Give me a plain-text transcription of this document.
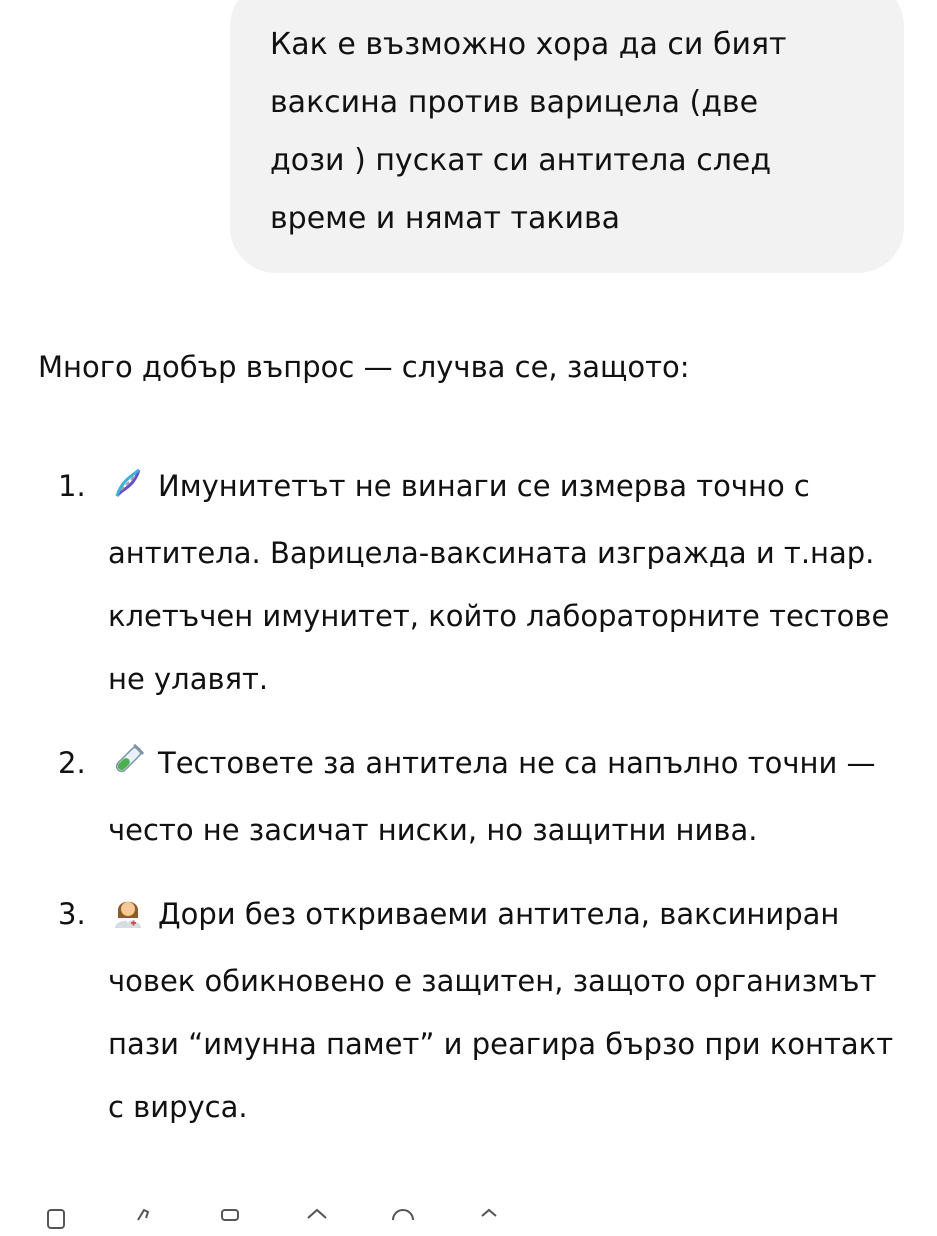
Как е възможно хора да си бият
ваксина против варицела (две
дози ) пускат си антитела след
време и нямат такива

Много добър въпрос — случва се, защото:

1.	Имунитетът не винаги се измерва точно с антитела. Варицела-ваксината изгражда и т.нар. клетъчен имунитет, който лабораторните тестове не улавят.
2.	Тестовете за антитела не са напълно точни — често не засичат ниски, но защитни нива.
3.	Дори без откриваеми антитела, ваксиниран човек обикновено е защитен, защото организмът пази “имунна памет” и реагира бързо при контакт с вируса.
